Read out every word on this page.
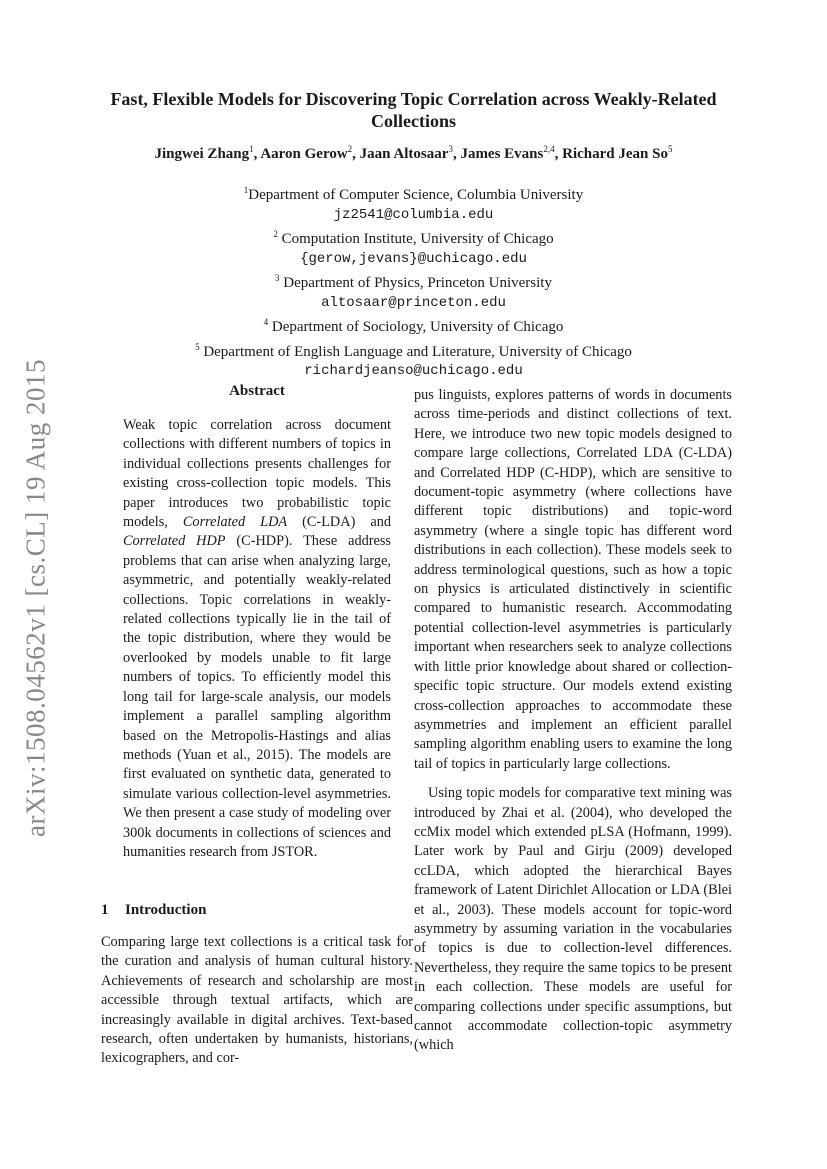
arXiv:1508.04562v1 [cs.CL] 19 Aug 2015
Fast, Flexible Models for Discovering Topic Correlation across Weakly-Related Collections
Jingwei Zhang$^1$, Aaron Gerow$^2$, Jaan Altosaar$^3$, James Evans$^{2,4}$, Richard Jean So$^5$
$^1$Department of Computer Science, Columbia University
jz2541@columbia.edu
$^2$ Computation Institute, University of Chicago
{gerow,jevans}@uchicago.edu
$^3$ Department of Physics, Princeton University
altosaar@princeton.edu
$^4$ Department of Sociology, University of Chicago
$^5$ Department of English Language and Literature, University of Chicago
richardjeanso@uchicago.edu
Abstract
Weak topic correlation across document collections with different numbers of topics in individual collections presents challenges for existing cross-collection topic models. This paper introduces two probabilistic topic models, Correlated LDA (C-LDA) and Correlated HDP (C-HDP). These address problems that can arise when analyzing large, asymmetric, and potentially weakly-related collections. Topic correlations in weakly-related collections typically lie in the tail of the topic distribution, where they would be overlooked by models unable to fit large numbers of topics. To efficiently model this long tail for large-scale analysis, our models implement a parallel sampling algorithm based on the Metropolis-Hastings and alias methods (Yuan et al., 2015). The models are first evaluated on synthetic data, generated to simulate various collection-level asymmetries. We then present a case study of modeling over 300k documents in collections of sciences and humanities research from JSTOR.
1 Introduction
Comparing large text collections is a critical task for the curation and analysis of human cultural history. Achievements of research and scholarship are most accessible through textual artifacts, which are increasingly available in digital archives. Text-based research, often undertaken by humanists, historians, lexicographers, and cor-

pus linguists, explores patterns of words in documents across time-periods and distinct collections of text. Here, we introduce two new topic models designed to compare large collections, Correlated LDA (C-LDA) and Correlated HDP (C-HDP), which are sensitive to document-topic asymmetry (where collections have different topic distributions) and topic-word asymmetry (where a single topic has different word distributions in each collection). These models seek to address terminological questions, such as how a topic on physics is articulated distinctively in scientific compared to humanistic research. Accommodating potential collection-level asymmetries is particularly important when researchers seek to analyze collections with little prior knowledge about shared or collection-specific topic structure. Our models extend existing cross-collection approaches to accommodate these asymmetries and implement an efficient parallel sampling algorithm enabling users to examine the long tail of topics in particularly large collections.

Using topic models for comparative text mining was introduced by Zhai et al. (2004), who developed the ccMix model which extended pLSA (Hofmann, 1999). Later work by Paul and Girju (2009) developed ccLDA, which adopted the hierarchical Bayes framework of Latent Dirichlet Allocation or LDA (Blei et al., 2003). These models account for topic-word asymmetry by assuming variation in the vocabularies of topics is due to collection-level differences. Nevertheless, they require the same topics to be present in each collection. These models are useful for comparing collections under specific assumptions, but cannot accommodate collection-topic asymmetry (which
